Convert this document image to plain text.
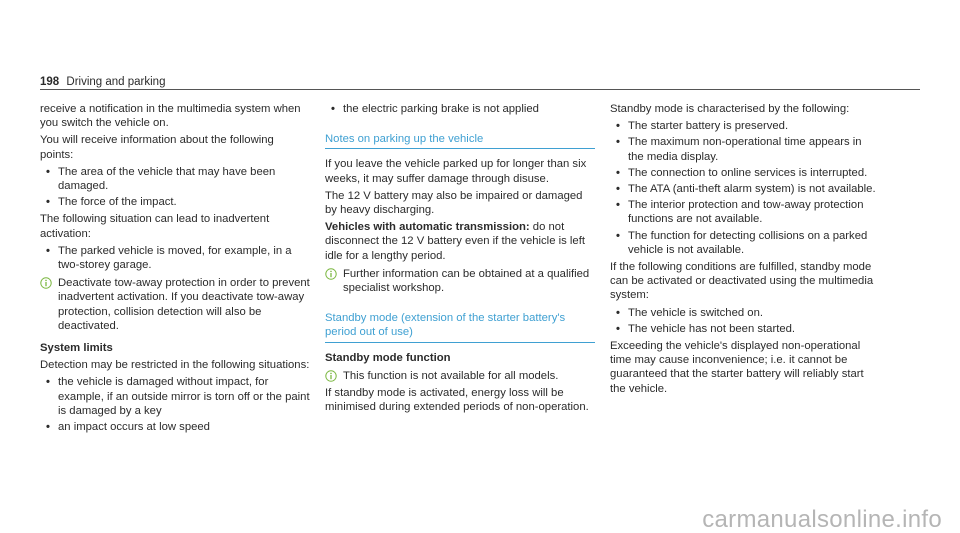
198 Driving and parking

receive a notification in the multimedia system when you switch the vehicle on.

You will receive information about the following points:

• The area of the vehicle that may have been damaged.
• The force of the impact.

The following situation can lead to inadvertent activation:

• The parked vehicle is moved, for example, in a two-storey garage.
Deactivate tow-away protection in order to prevent inadvertent activation. If you deactivate tow-away protection, collision detection will also be deactivated.
System limits

Detection may be restricted in the following situations:

• the vehicle is damaged without impact, for example, if an outside mirror is torn off or the paint is damaged by a key
• an impact occurs at low speed
• the electric parking brake is not applied
Notes on parking up the vehicle

If you leave the vehicle parked up for longer than six weeks, it may suffer damage through disuse.

The 12 V battery may also be impaired or damaged by heavy discharging.

Vehicles with automatic transmission: do not disconnect the 12 V battery even if the vehicle is left idle for a lengthy period.

Further information can be obtained at a qualified specialist workshop.
Standby mode (extension of the starter battery's period out of use)
Standby mode function
This function is not available for all models.

If standby mode is activated, energy loss will be minimised during extended periods of non-operation.

Standby mode is characterised by the following:

• The starter battery is preserved.
• The maximum non-operational time appears in the media display.
• The connection to online services is interrupted.
• The ATA (anti-theft alarm system) is not available.
• The interior protection and tow-away protection functions are not available.
• The function for detecting collisions on a parked vehicle is not available.

If the following conditions are fulfilled, standby mode can be activated or deactivated using the multimedia system:

• The vehicle is switched on.
• The vehicle has not been started.

Exceeding the vehicle's displayed non-operational time may cause inconvenience; i.e. it cannot be guaranteed that the starter battery will reliably start the vehicle.

carmanualsonline.info
